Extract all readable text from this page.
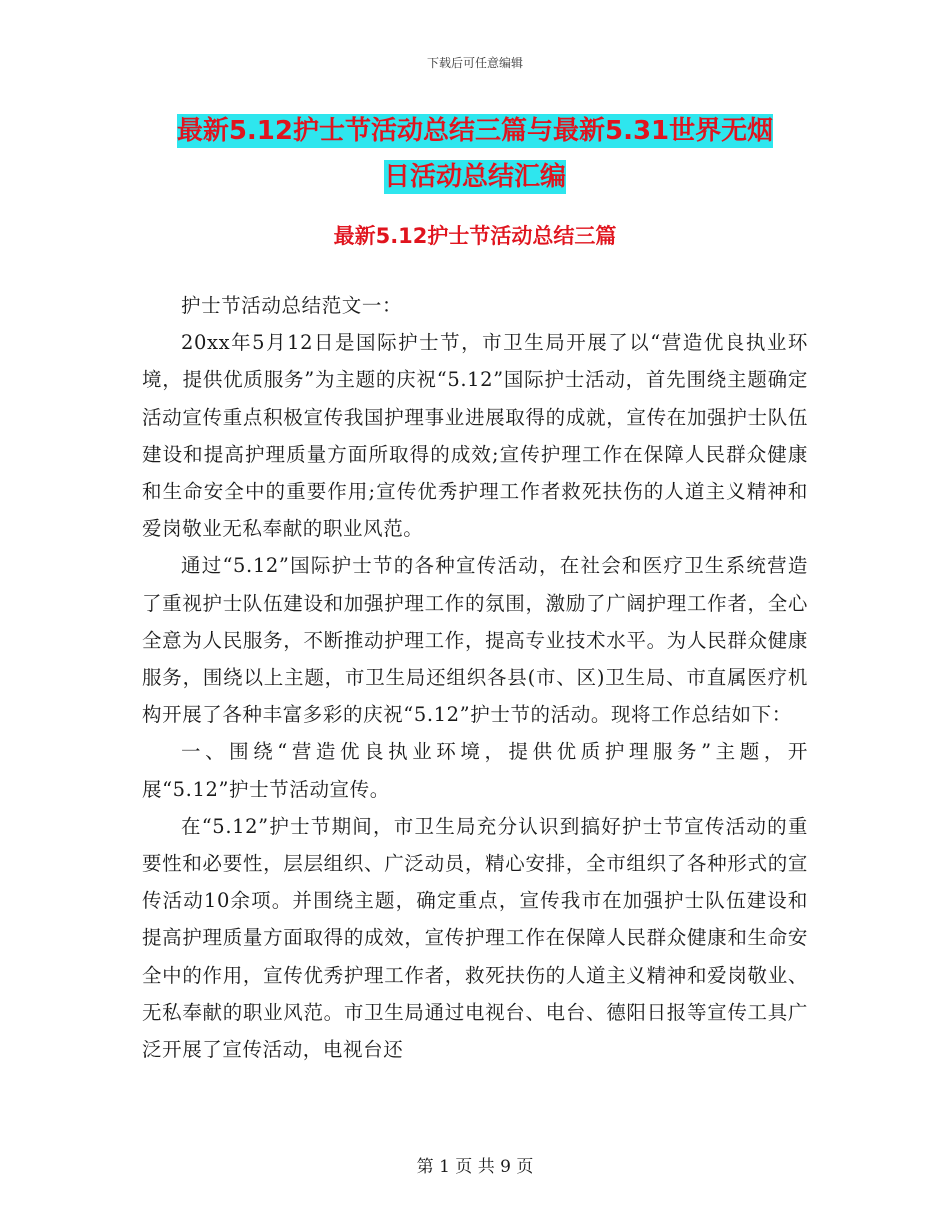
下载后可任意编辑
最新5.12护士节活动总结三篇与最新5.31世界无烟
日活动总结汇编
最新5.12护士节活动总结三篇

护士节活动总结范文一：

20xx年5月12日是国际护士节，市卫生局开展了以“营造优良执业环境，提供优质服务”为主题的庆祝“5.12”国际护士活动，首先围绕主题确定活动宣传重点积极宣传我国护理事业进展取得的成就，宣传在加强护士队伍建设和提高护理质量方面所取得的成效;宣传护理工作在保障人民群众健康和生命安全中的重要作用;宣传优秀护理工作者救死扶伤的人道主义精神和爱岗敬业无私奉献的职业风范。

通过“5.12”国际护士节的各种宣传活动，在社会和医疗卫生系统营造了重视护士队伍建设和加强护理工作的氛围，激励了广阔护理工作者，全心全意为人民服务，不断推动护理工作，提高专业技术水平。为人民群众健康服务，围绕以上主题，市卫生局还组织各县(市、区)卫生局、市直属医疗机构开展了各种丰富多彩的庆祝“5.12”护士节的活动。现将工作总结如下：

一、围绕“营造优良执业环境，提供优质护理服务”主题，开展“5.12”护士节活动宣传。

在“5.12”护士节期间，市卫生局充分认识到搞好护士节宣传活动的重要性和必要性，层层组织、广泛动员，精心安排，全市组织了各种形式的宣传活动10余项。并围绕主题，确定重点，宣传我市在加强护士队伍建设和提高护理质量方面取得的成效，宣传护理工作在保障人民群众健康和生命安全中的作用，宣传优秀护理工作者，救死扶伤的人道主义精神和爱岗敬业、无私奉献的职业风范。市卫生局通过电视台、电台、德阳日报等宣传工具广泛开展了宣传活动，电视台还

第 1 页 共 9 页
